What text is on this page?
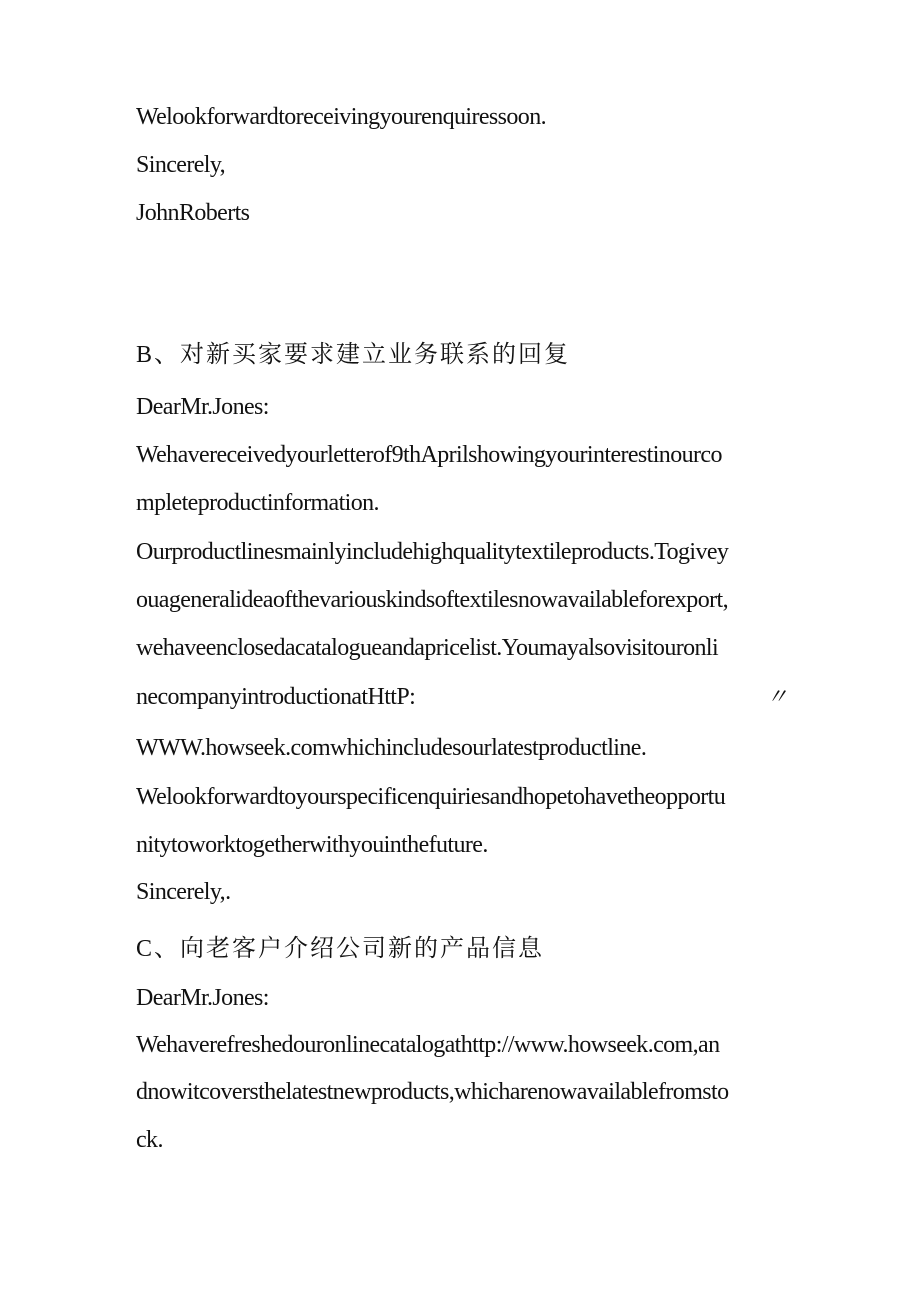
Welookforwardtoreceivingyourenquiressoon.
Sincerely,
JohnRoberts
B、对新买家要求建立业务联系的回复
DearMr.Jones:
Wehavereceivedyourletterof9thAprilshowingyourinterestinourco
mpleteproductinformation.
Ourproductlinesmainlyincludehighqualitytextileproducts.Togivey
ouageneralideaofthevariouskindsoftextilesnowavailableforexport,
wehaveenclosedacatalogueandapricelist.Youmayalsovisitouronli
necompanyintroductionatHttP:	〃
WWW.howseek.comwhichincludesourlatestproductline.
Welookforwardtoyourspecificenquiriesandhopetohavetheopportu
nitytoworktogetherwithyouinthefuture.
Sincerely,.
C、向老客户介绍公司新的产品信息
DearMr.Jones:
Wehaverefreshedouronlinecatalogathttp://www.howseek.com,an
dnowitcoversthelatestnewproducts,whicharenowavailablefromsto
ck.
